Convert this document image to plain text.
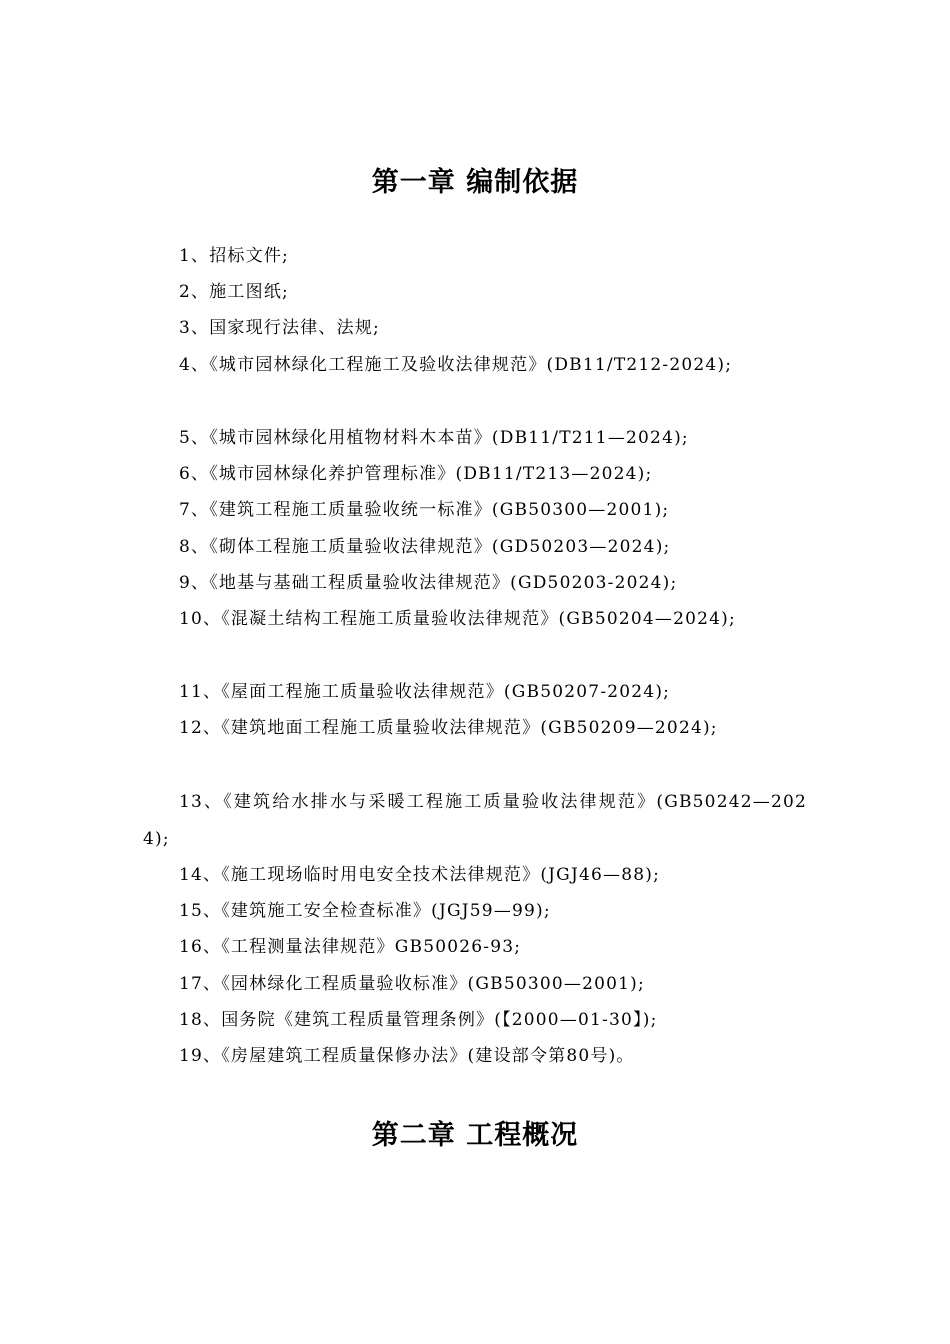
第一章 编制依据
1、招标文件;
2、施工图纸;
3、国家现行法律、法规;
4、《城市园林绿化工程施工及验收法律规范》(DB11/T212-2024);
5、《城市园林绿化用植物材料木本苗》(DB11/T211—2024);
6、《城市园林绿化养护管理标准》(DB11/T213—2024);
7、《建筑工程施工质量验收统一标准》(GB50300—2001);
8、《砌体工程施工质量验收法律规范》(GD50203—2024);
9、《地基与基础工程质量验收法律规范》(GD50203-2024);
10、《混凝土结构工程施工质量验收法律规范》(GB50204—2024);
11、《屋面工程施工质量验收法律规范》(GB50207-2024);
12、《建筑地面工程施工质量验收法律规范》(GB50209—2024);
13、《建筑给水排水与采暖工程施工质量验收法律规范》(GB50242—2024);
14、《施工现场临时用电安全技术法律规范》(JGJ46—88);
15、《建筑施工安全检查标准》(JGJ59—99);
16、《工程测量法律规范》GB50026-93;
17、《园林绿化工程质量验收标准》(GB50300—2001);
18、国务院《建筑工程质量管理条例》(【2000—01-30】);
19、《房屋建筑工程质量保修办法》(建设部令第80号)。
第二章 工程概况
